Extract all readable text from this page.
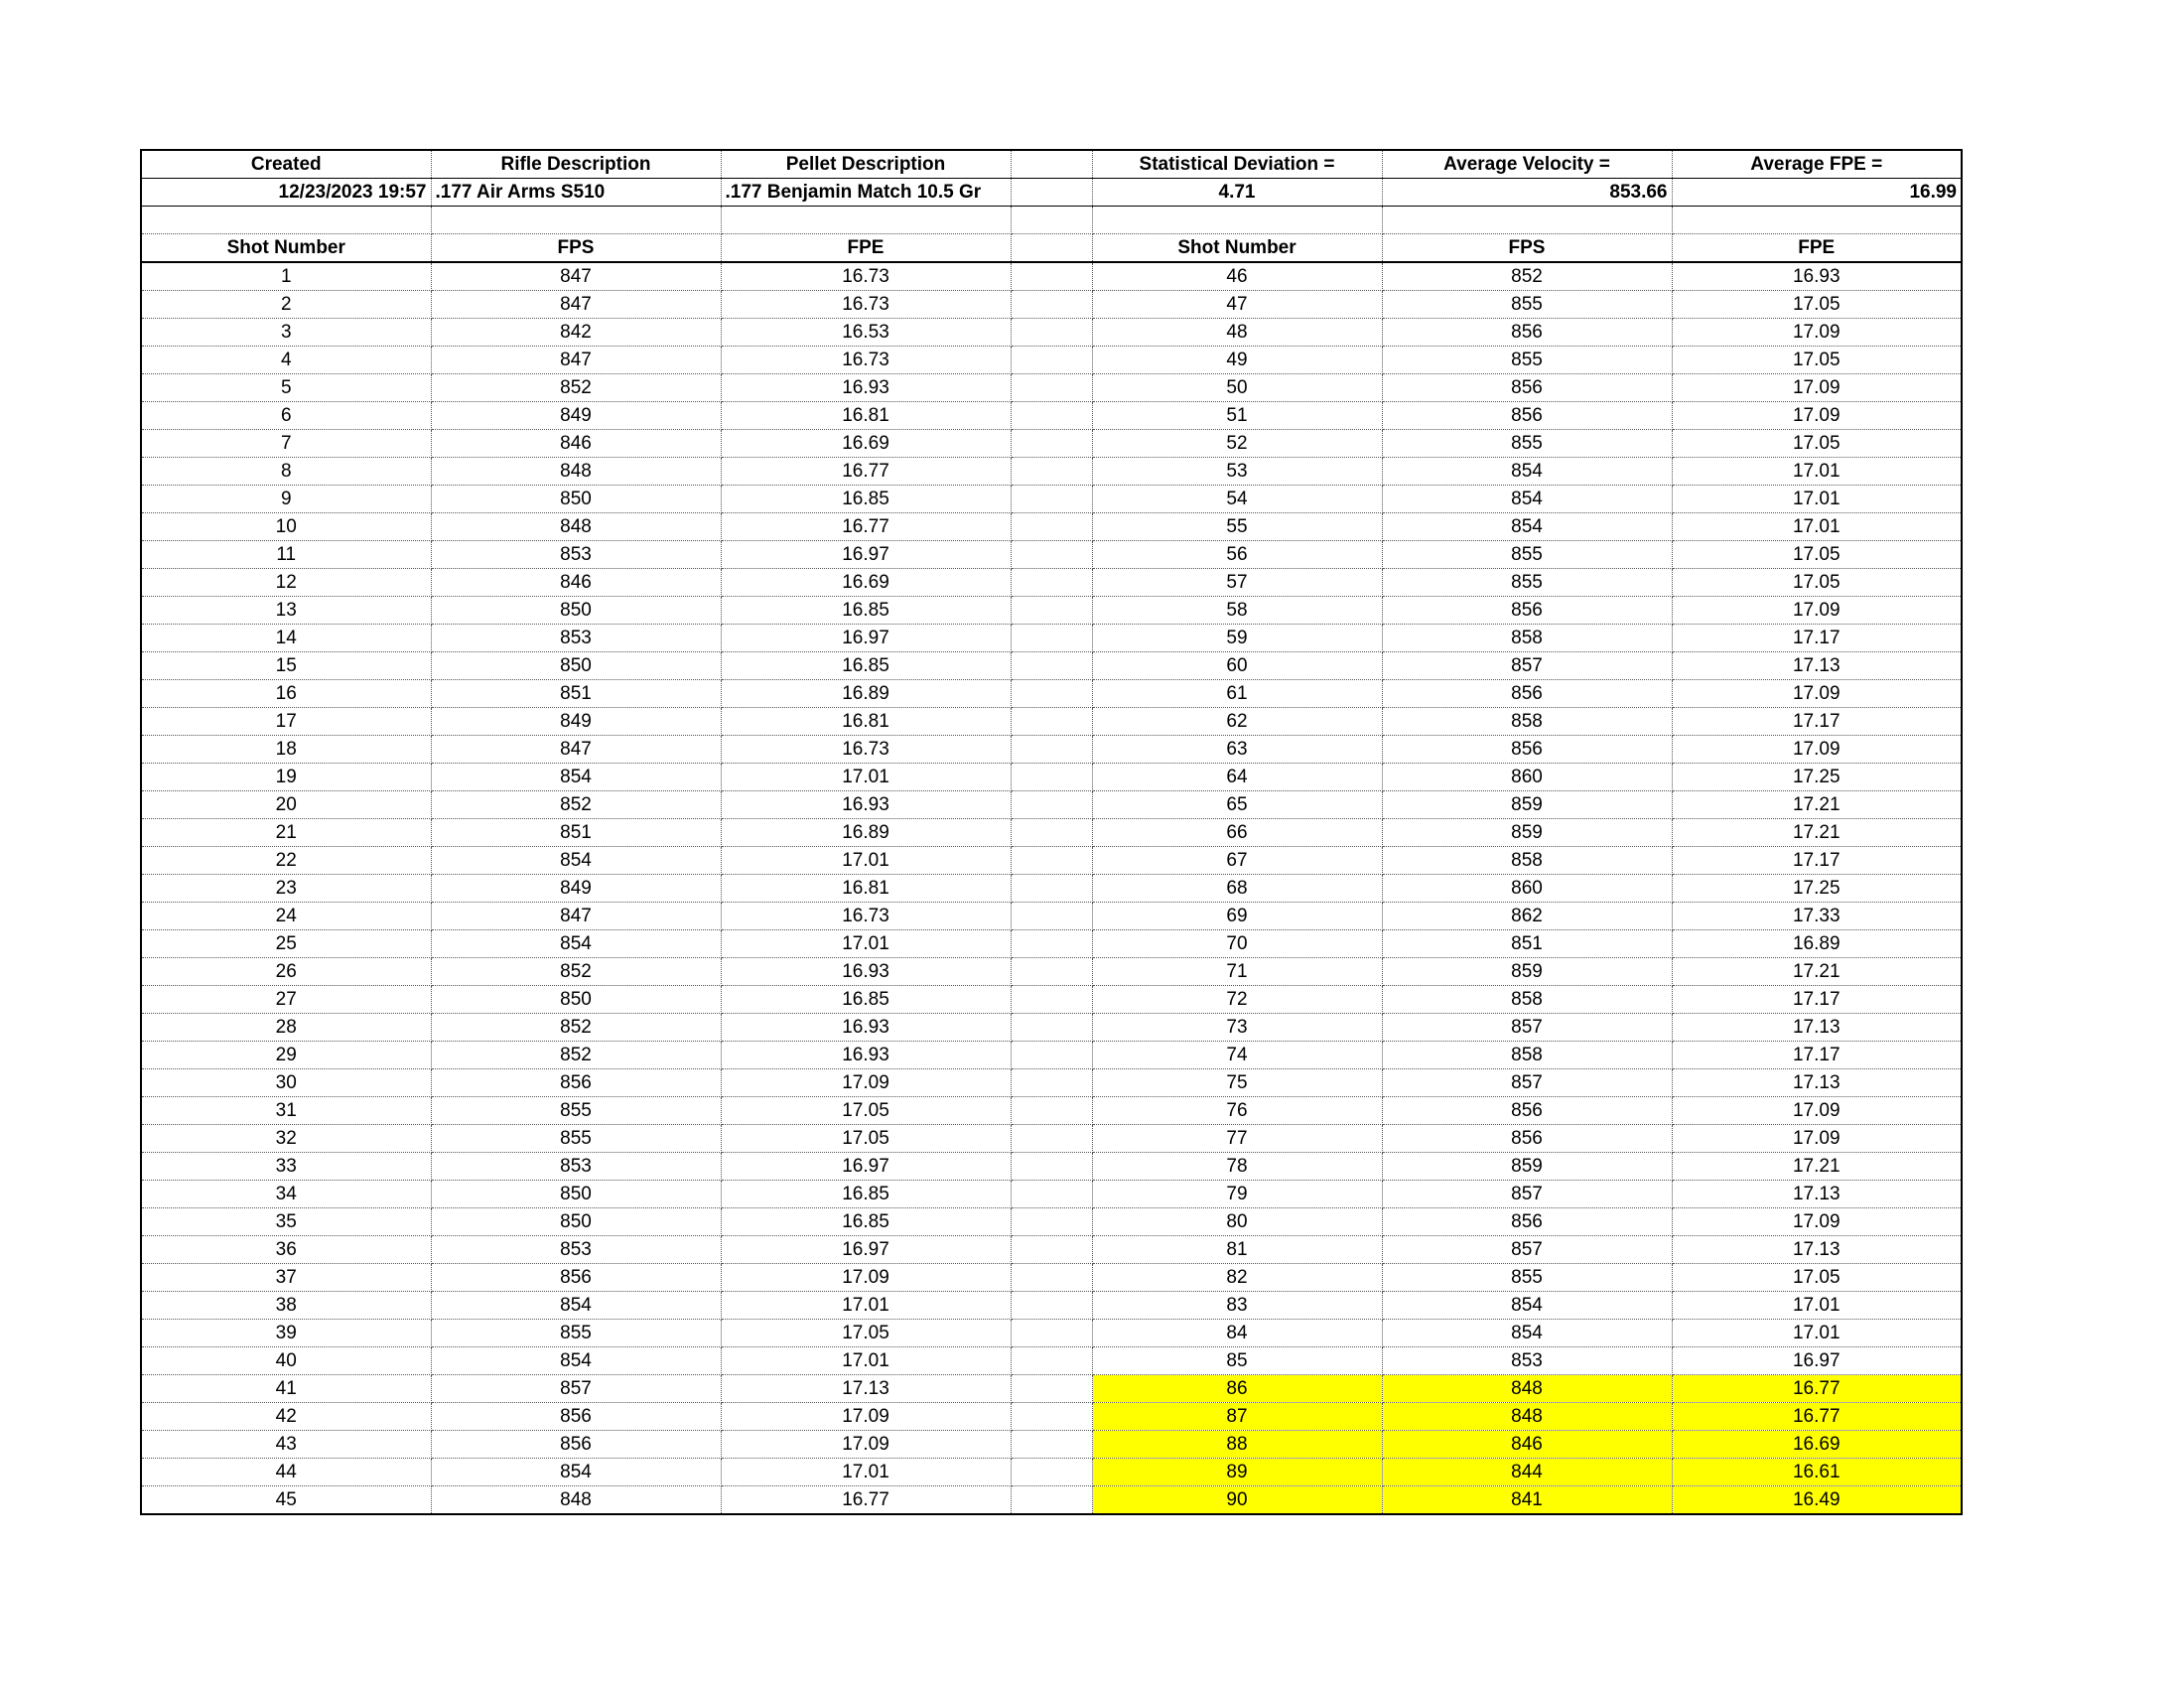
Created	Rifle Description	Pellet Description		Statistical Deviation =	Average Velocity =	Average FPE =
12/23/2023 19:57	.177 Air Arms S510	.177 Benjamin Match 10.5 Gr		4.71	853.66	16.99

Shot Number	FPS	FPE		Shot Number	FPS	FPE
1	847	16.73		46	852	16.93
2	847	16.73		47	855	17.05
3	842	16.53		48	856	17.09
4	847	16.73		49	855	17.05
5	852	16.93		50	856	17.09
6	849	16.81		51	856	17.09
7	846	16.69		52	855	17.05
8	848	16.77		53	854	17.01
9	850	16.85		54	854	17.01
10	848	16.77		55	854	17.01
11	853	16.97		56	855	17.05
12	846	16.69		57	855	17.05
13	850	16.85		58	856	17.09
14	853	16.97		59	858	17.17
15	850	16.85		60	857	17.13
16	851	16.89		61	856	17.09
17	849	16.81		62	858	17.17
18	847	16.73		63	856	17.09
19	854	17.01		64	860	17.25
20	852	16.93		65	859	17.21
21	851	16.89		66	859	17.21
22	854	17.01		67	858	17.17
23	849	16.81		68	860	17.25
24	847	16.73		69	862	17.33
25	854	17.01		70	851	16.89
26	852	16.93		71	859	17.21
27	850	16.85		72	858	17.17
28	852	16.93		73	857	17.13
29	852	16.93		74	858	17.17
30	856	17.09		75	857	17.13
31	855	17.05		76	856	17.09
32	855	17.05		77	856	17.09
33	853	16.97		78	859	17.21
34	850	16.85		79	857	17.13
35	850	16.85		80	856	17.09
36	853	16.97		81	857	17.13
37	856	17.09		82	855	17.05
38	854	17.01		83	854	17.01
39	855	17.05		84	854	17.01
40	854	17.01		85	853	16.97
41	857	17.13		86	848	16.77
42	856	17.09		87	848	16.77
43	856	17.09		88	846	16.69
44	854	17.01		89	844	16.61
45	848	16.77		90	841	16.49
